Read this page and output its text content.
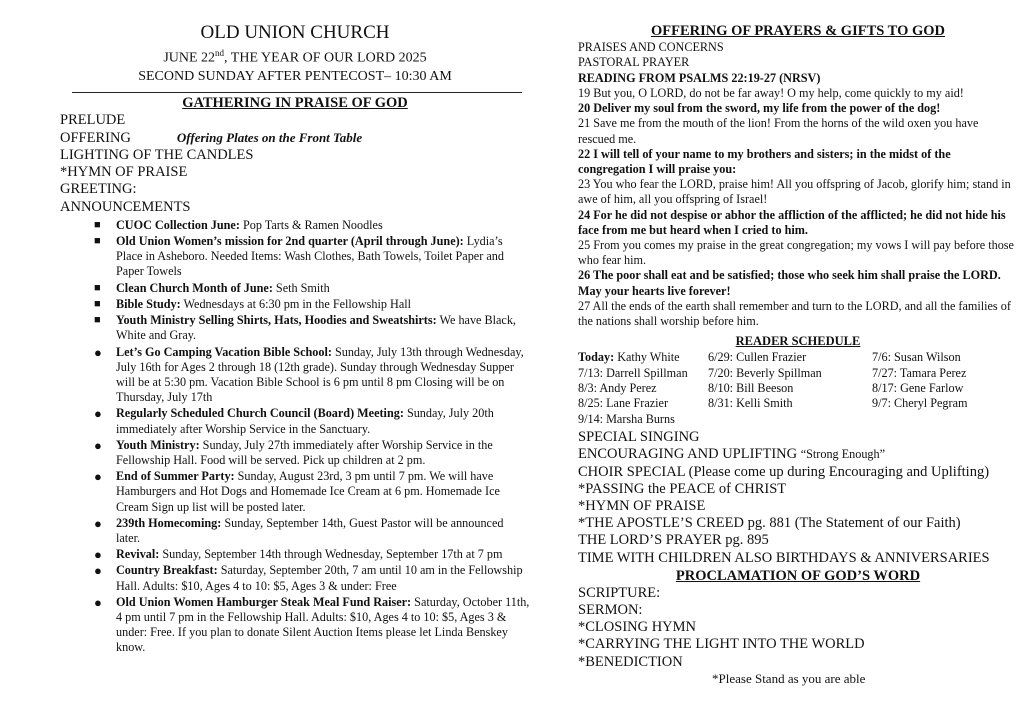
OLD UNION CHURCH
JUNE 22nd, THE YEAR OF OUR LORD 2025
SECOND SUNDAY AFTER PENTECOST– 10:30 AM
GATHERING IN PRAISE OF GOD
PRELUDE
OFFERING	Offering Plates on the Front Table
LIGHTING OF THE CANDLES
*HYMN OF PRAISE
GREETING:
ANNOUNCEMENTS
■ CUOC Collection June: Pop Tarts & Ramen Noodles
■ Old Union Women’s mission for 2nd quarter (April through June): Lydia’s Place in Asheboro. Needed Items: Wash Clothes, Bath Towels, Toilet Paper and Paper Towels
■ Clean Church Month of June: Seth Smith
■ Bible Study: Wednesdays at 6:30 pm in the Fellowship Hall
■ Youth Ministry Selling Shirts, Hats, Hoodies and Sweatshirts: We have Black, White and Gray.
● Let’s Go Camping Vacation Bible School: Sunday, July 13th through Wednesday, July 16th for Ages 2 through 18 (12th grade). Sunday through Wednesday Supper will be at 5:30 pm. Vacation Bible School is 6 pm until 8 pm Closing will be on Thursday, July 17th
● Regularly Scheduled Church Council (Board) Meeting: Sunday, July 20th immediately after Worship Service in the Sanctuary.
● Youth Ministry: Sunday, July 27th immediately after Worship Service in the Fellowship Hall. Food will be served. Pick up children at 2 pm.
● End of Summer Party: Sunday, August 23rd, 3 pm until 7 pm. We will have Hamburgers and Hot Dogs and Homemade Ice Cream at 6 pm. Homemade Ice Cream Sign up list will be posted later.
● 239th Homecoming: Sunday, September 14th, Guest Pastor will be announced later.
● Revival: Sunday, September 14th through Wednesday, September 17th at 7 pm
● Country Breakfast: Saturday, September 20th, 7 am until 10 am in the Fellowship Hall. Adults: $10, Ages 4 to 10: $5, Ages 3 & under: Free
● Old Union Women Hamburger Steak Meal Fund Raiser: Saturday, October 11th, 4 pm until 7 pm in the Fellowship Hall. Adults: $10, Ages 4 to 10: $5, Ages 3 & under: Free. If you plan to donate Silent Auction Items please let Linda Benskey know.
OFFERING OF PRAYERS & GIFTS TO GOD
PRAISES AND CONCERNS
PASTORAL PRAYER
READING FROM PSALMS 22:19-27 (NRSV)

19 But you, O LORD, do not be far away! O my help, come quickly to my aid!

20 Deliver my soul from the sword, my life from the power of the dog!

21 Save me from the mouth of the lion! From the horns of the wild oxen you have rescued me.

22 I will tell of your name to my brothers and sisters; in the midst of the congregation I will praise you:

23 You who fear the LORD, praise him! All you offspring of Jacob, glorify him; stand in awe of him, all you offspring of Israel!

24 For he did not despise or abhor the affliction of the afflicted; he did not hide his face from me but heard when I cried to him.

25 From you comes my praise in the great congregation; my vows I will pay before those who fear him.

26 The poor shall eat and be satisfied; those who seek him shall praise the LORD. May your hearts live forever!

27 All the ends of the earth shall remember and turn to the LORD, and all the families of the nations shall worship before him.

READER SCHEDULE
Today: Kathy White	6/29: Cullen Frazier	7/6: Susan Wilson
7/13: Darrell Spillman	7/20: Beverly Spillman	7/27: Tamara Perez
8/3: Andy Perez	8/10: Bill Beeson	8/17: Gene Farlow
8/25: Lane Frazier	8/31: Kelli Smith	9/7: Cheryl Pegram
9/14: Marsha Burns
SPECIAL SINGING
ENCOURAGING AND UPLIFTING “Strong Enough”
CHOIR SPECIAL (Please come up during Encouraging and Uplifting)
*PASSING the PEACE of CHRIST
*HYMN OF PRAISE
*THE APOSTLE’S CREED pg. 881 (The Statement of our Faith)
THE LORD’S PRAYER pg. 895
TIME WITH CHILDREN ALSO BIRTHDAYS & ANNIVERSARIES
PROCLAMATION OF GOD’S WORD
SCRIPTURE:
SERMON:
*CLOSING HYMN
*CARRYING THE LIGHT INTO THE WORLD
*BENEDICTION
*Please Stand as you are able
